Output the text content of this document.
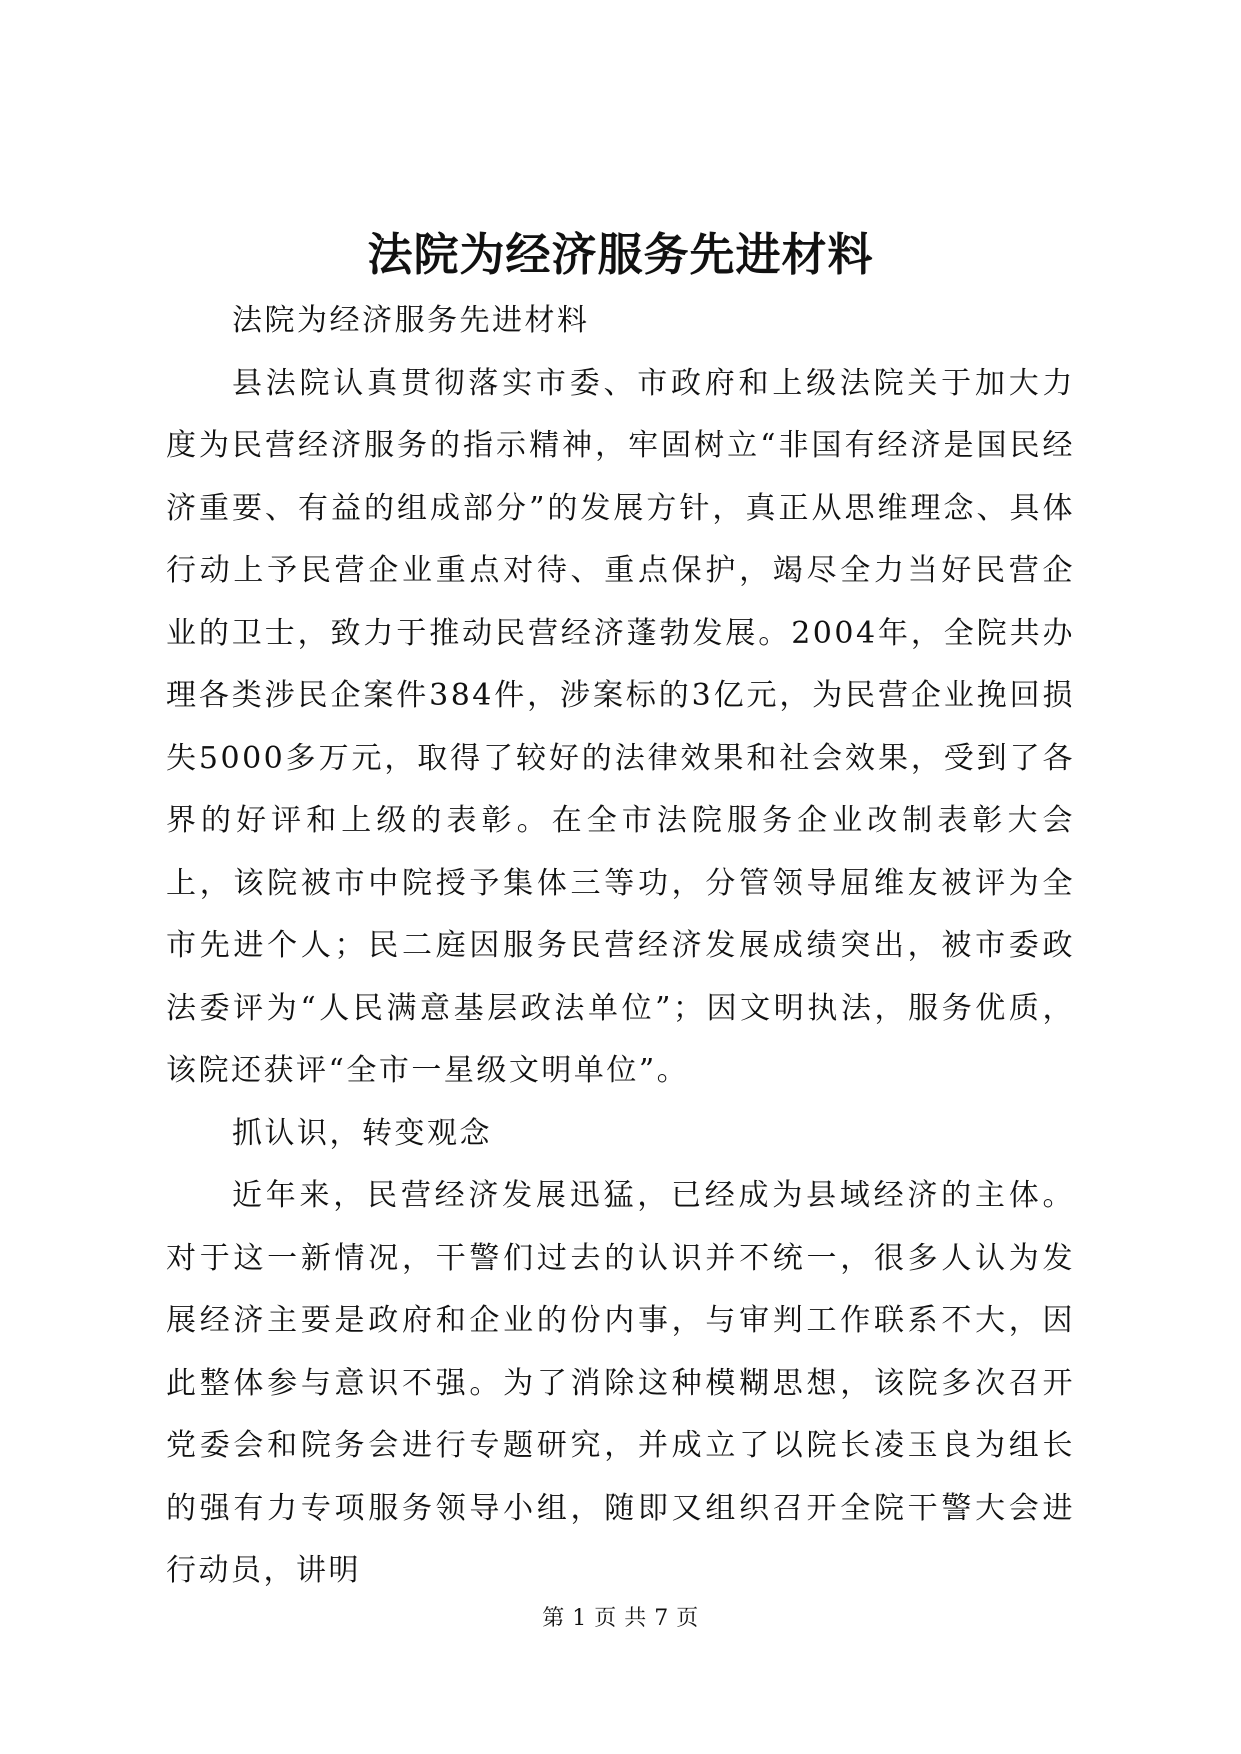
法院为经济服务先进材料

法院为经济服务先进材料

县法院认真贯彻落实市委、市政府和上级法院关于加大力度为民营经济服务的指示精神，牢固树立“非国有经济是国民经济重要、有益的组成部分”的发展方针，真正从思维理念、具体行动上予民营企业重点对待、重点保护，竭尽全力当好民营企业的卫士，致力于推动民营经济蓬勃发展。2004年，全院共办理各类涉民企案件384件，涉案标的3亿元，为民营企业挽回损失5000多万元，取得了较好的法律效果和社会效果，受到了各界的好评和上级的表彰。在全市法院服务企业改制表彰大会上，该院被市中院授予集体三等功，分管领导屈维友被评为全市先进个人；民二庭因服务民营经济发展成绩突出，被市委政法委评为“人民满意基层政法单位”；因文明执法，服务优质，该院还获评“全市一星级文明单位”。

抓认识，转变观念

近年来，民营经济发展迅猛，已经成为县域经济的主体。对于这一新情况，干警们过去的认识并不统一，很多人认为发展经济主要是政府和企业的份内事，与审判工作联系不大，因此整体参与意识不强。为了消除这种模糊思想，该院多次召开党委会和院务会进行专题研究，并成立了以院长凌玉良为组长的强有力专项服务领导小组，随即又组织召开全院干警大会进行动员，讲明

第 1 页 共 7 页
